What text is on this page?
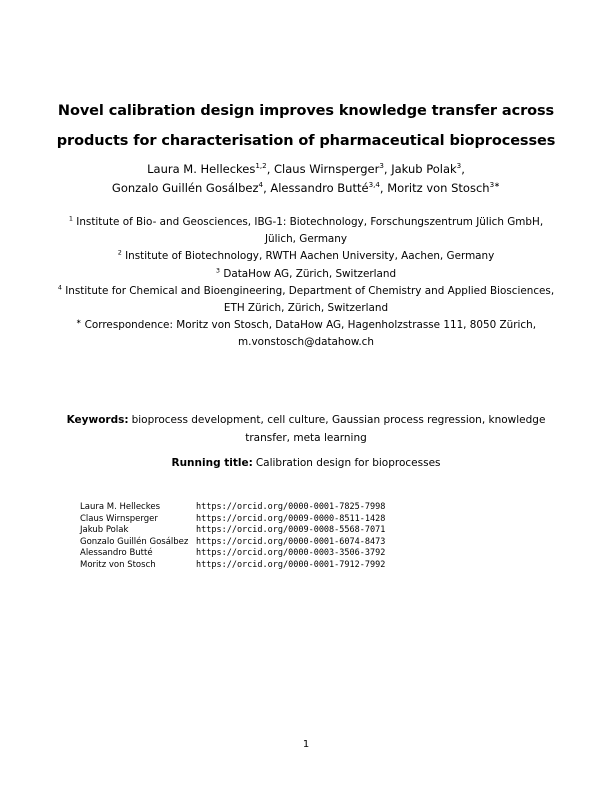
Novel calibration design improves knowledge transfer across
products for characterisation of pharmaceutical bioprocesses
Laura M. Helleckes$^{1,2}$, Claus Wirnsperger$^3$, Jakub Polak$^3$,
Gonzalo Guillén Gosálbez$^4$, Alessandro Butté$^{3,4}$, Moritz von Stosch$^{3∗}$
$^1$ Institute of Bio- and Geosciences, IBG-1: Biotechnology, Forschungszentrum Jülich GmbH, Jülich, Germany
$^2$ Institute of Biotechnology, RWTH Aachen University, Aachen, Germany
$^3$ DataHow AG, Zürich, Switzerland
$^4$ Institute for Chemical and Bioengineering, Department of Chemistry and Applied Biosciences, ETH Zürich, Zürich, Switzerland
∗ Correspondence: Moritz von Stosch, DataHow AG, Hagenholzstrasse 111, 8050 Zürich, m.vonstosch@datahow.ch
Keywords: bioprocess development, cell culture, Gaussian process regression, knowledge transfer, meta learning
Running title: Calibration design for bioprocesses
Laura M. Helleckes	https://orcid.org/0000-0001-7825-7998
Claus Wirnsperger	https://orcid.org/0009-0000-8511-1428
Jakub Polak	https://orcid.org/0009-0008-5568-7071
Gonzalo Guillén Gosálbez https://orcid.org/0000-0001-6074-8473
Alessandro Butté	https://orcid.org/0000-0003-3506-3792
Moritz von Stosch	https://orcid.org/0000-0001-7912-7992
1
